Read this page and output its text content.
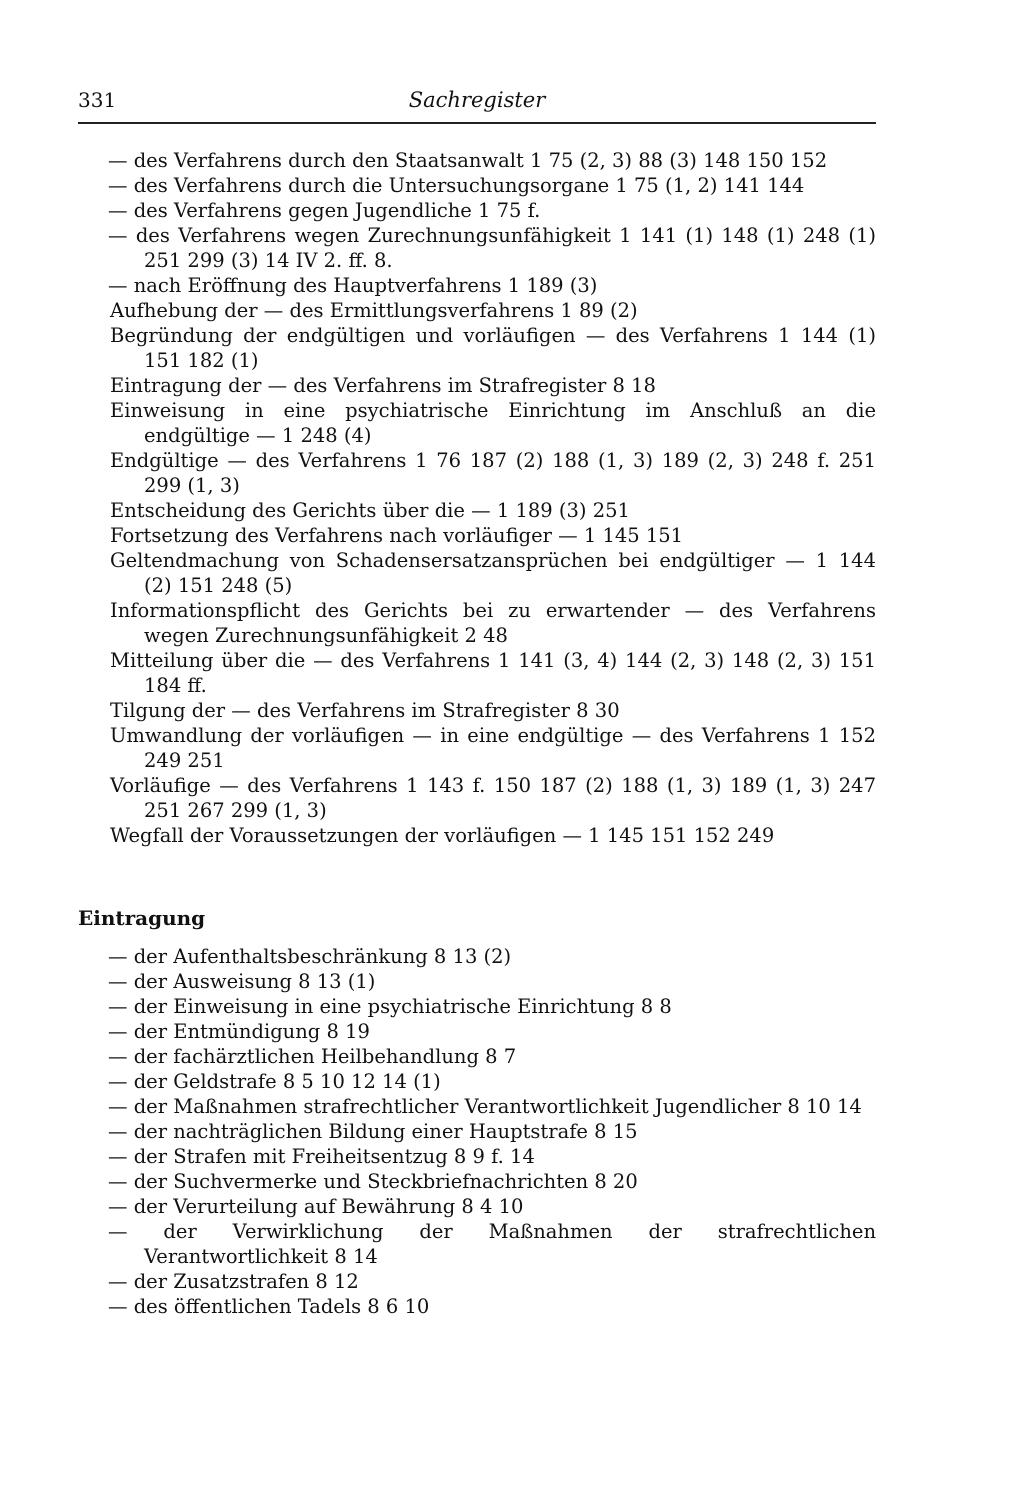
331	Sachregister

— des Verfahrens durch den Staatsanwalt 1 75 (2, 3) 88 (3) 148 150 152

— des Verfahrens durch die Untersuchungsorgane 1 75 (1, 2) 141 144

— des Verfahrens gegen Jugendliche 1 75 f.

— des Verfahrens wegen Zurechnungsunfähigkeit 1 141 (1) 148 (1) 248 (1) 251 299 (3) 14 IV 2. ff. 8.

— nach Eröffnung des Hauptverfahrens 1 189 (3)

Aufhebung der — des Ermittlungsverfahrens 1 89 (2)

Begründung der endgültigen und vorläufigen — des Verfahrens 1 144 (1) 151 182 (1)

Eintragung der — des Verfahrens im Strafregister 8 18

Einweisung in eine psychiatrische Einrichtung im Anschluß an die endgültige — 1 248 (4)

Endgültige — des Verfahrens 1 76 187 (2) 188 (1, 3) 189 (2, 3) 248 f. 251 299 (1, 3)

Entscheidung des Gerichts über die — 1 189 (3) 251

Fortsetzung des Verfahrens nach vorläufiger — 1 145 151

Geltendmachung von Schadensersatzansprüchen bei endgültiger — 1 144 (2) 151 248 (5)

Informationspflicht des Gerichts bei zu erwartender — des Verfahrens wegen Zurechnungsunfähigkeit 2 48

Mitteilung über die — des Verfahrens 1 141 (3, 4) 144 (2, 3) 148 (2, 3) 151 184 ff.

Tilgung der — des Verfahrens im Strafregister 8 30

Umwandlung der vorläufigen — in eine endgültige — des Verfahrens 1 152 249 251

Vorläufige — des Verfahrens 1 143 f. 150 187 (2) 188 (1, 3) 189 (1, 3) 247 251 267 299 (1, 3)

Wegfall der Voraussetzungen der vorläufigen — 1 145 151 152 249

Eintragung

— der Aufenthaltsbeschränkung 8 13 (2)

— der Ausweisung 8 13 (1)

— der Einweisung in eine psychiatrische Einrichtung 8 8

— der Entmündigung 8 19

— der fachärztlichen Heilbehandlung 8 7

— der Geldstrafe 8 5 10 12 14 (1)

— der Maßnahmen strafrechtlicher Verantwortlichkeit Jugendlicher 8 10 14

— der nachträglichen Bildung einer Hauptstrafe 8 15

— der Strafen mit Freiheitsentzug 8 9 f. 14

— der Suchvermerke und Steckbriefnachrichten 8 20

— der Verurteilung auf Bewährung 8 4 10

— der Verwirklichung der Maßnahmen der strafrechtlichen Verantwortlichkeit 8 14

— der Zusatzstrafen 8 12

— des öffentlichen Tadels 8 6 10
